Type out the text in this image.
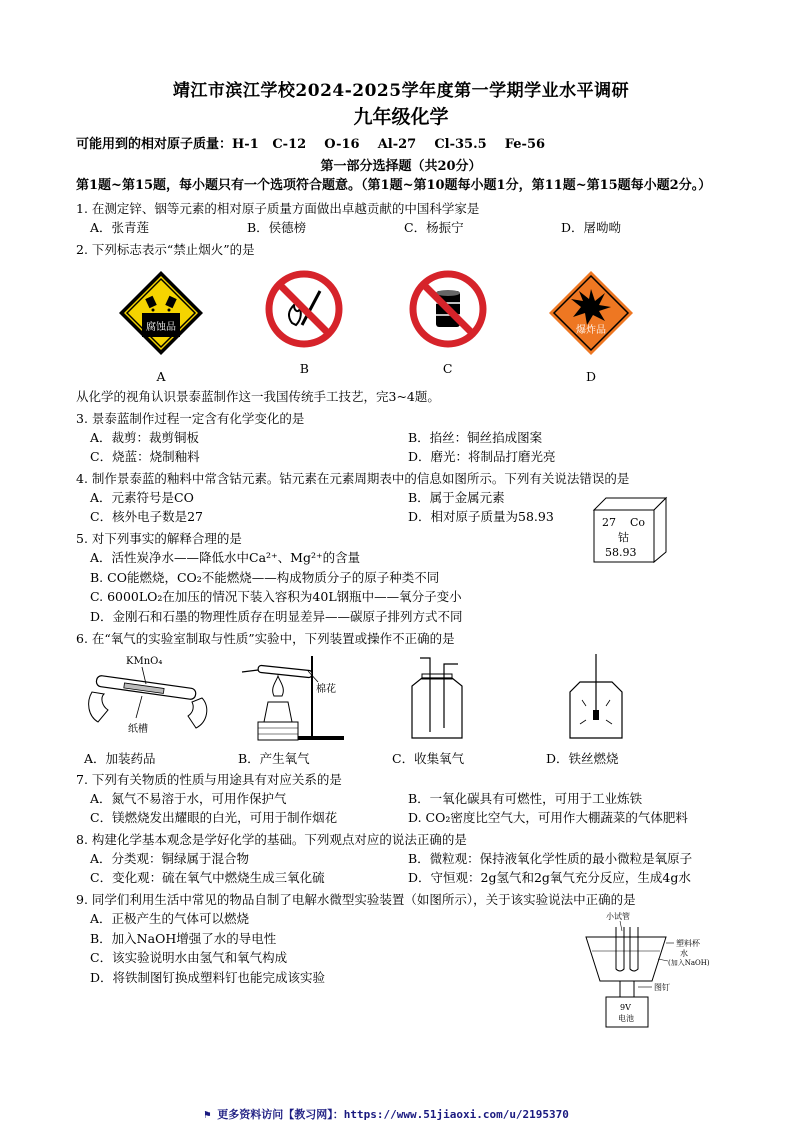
靖江市滨江学校2024-2025学年度第一学期学业水平调研
九年级化学
可能用到的相对原子质量：H-1 C-12 O-16 Al-27 Cl-35.5 Fe-56
第一部分选择题（共20分）
第1题~第15题，每小题只有一个选项符合题意。（第1题~第10题每小题1分，第11题~第15题每小题2分。）
1. 在测定锌、铟等元素的相对原子质量方面做出卓越贡献的中国科学家是
A．张青莲	B．侯德榜	C．杨振宁	D．屠呦呦
2. 下列标志表示“禁止烟火”的是
腐蚀品
A
B	C
爆炸品
D
从化学的视角认识景泰蓝制作这一我国传统手工技艺，完3~4题。
3. 景泰蓝制作过程一定含有化学变化的是
A．裁剪：裁剪铜板	B．掐丝：铜丝掐成图案
C．烧蓝：烧制釉料	D．磨光：将制品打磨光亮
4. 制作景泰蓝的釉料中常含钴元素。钴元素在元素周期表中的信息如图所示。下列有关说法错误的是
A．元素符号是CO	B．属于金属元素
C．核外电子数是27	D．相对原子质量为58.93	27 Co
钴
58.93
5. 对下列事实的解释合理的是
A．活性炭净水——降低水中Ca²⁺、Mg²⁺的含量
B. CO能燃烧，CO₂不能燃烧——构成物质分子的原子种类不同
C. 6000LO₂在加压的情况下装入容积为40L钢瓶中——氧分子变小
D．金刚石和石墨的物理性质存在明显差异——碳原子排列方式不同
6. 在“氧气的实验室制取与性质”实验中，下列装置或操作不正确的是
KMnO₄
纸槽
A．加装药品
棉花
B．产生氧气	C．收集氧气	D．铁丝燃烧
7. 下列有关物质的性质与用途具有对应关系的是
A．氮气不易溶于水，可用作保护气	B．一氧化碳具有可燃性，可用于工业炼铁
C．镁燃烧发出耀眼的白光，可用于制作烟花	D. CO₂密度比空气大，可用作大棚蔬菜的气体肥料
8. 构建化学基本观念是学好化学的基础。下列观点对应的说法正确的是
A．分类观：铜绿属于混合物	B．微粒观：保持液氧化学性质的最小微粒是氧原子
C．变化观：硫在氧气中燃烧生成三氧化硫	D．守恒观：2g氢气和2g氧气充分反应，生成4g水
9. 同学们利用生活中常见的物品自制了电解水微型实验装置（如图所示），关于该实验说法中正确的是
A．正极产生的气体可以燃烧
B．加入NaOH增强了水的导电性
C．该实验说明水由氢气和氧气构成
D．将铁制图钉换成塑料钉也能完成该实验
小试管
塑料杯
水
(加入NaOH)
图钉
9V
电池
⚑ 更多资料访问【教习网】：https://www.51jiaoxi.com/u/2195370
